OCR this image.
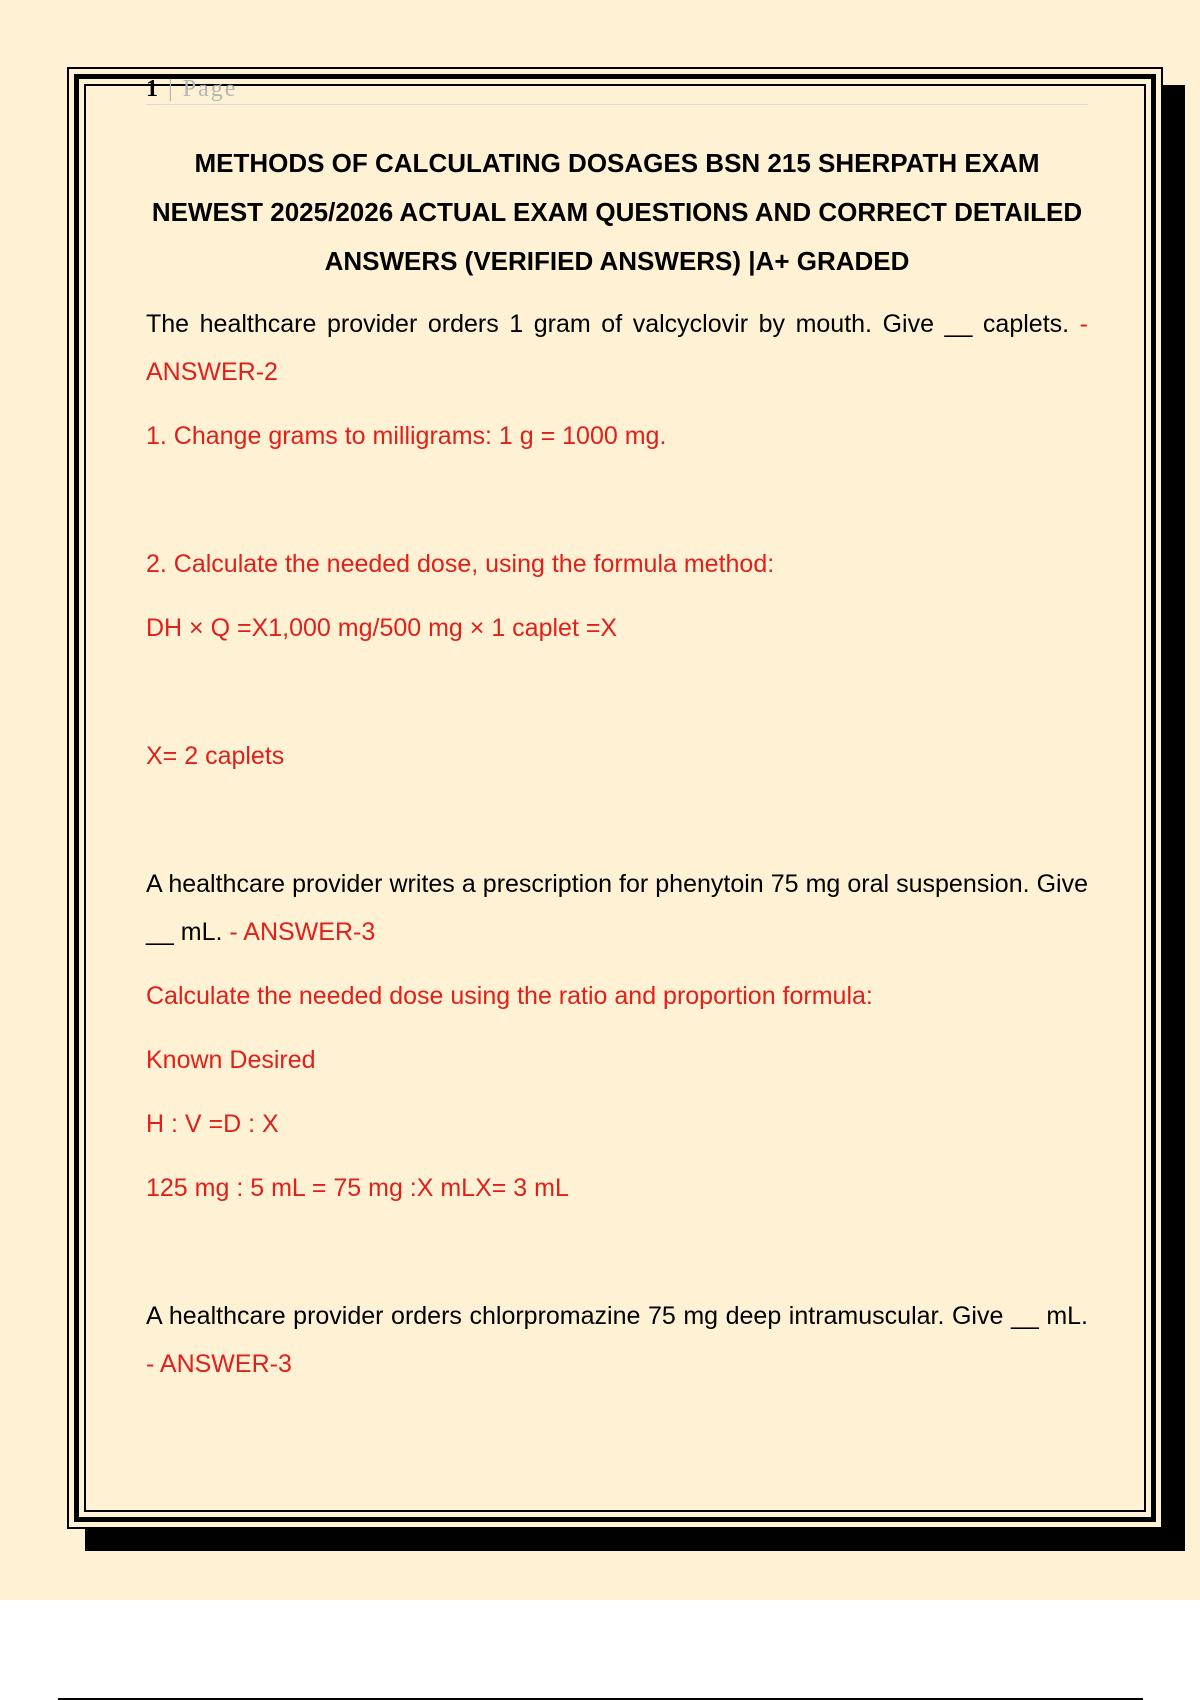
1 | Page
METHODS OF CALCULATING DOSAGES BSN 215 SHERPATH EXAM NEWEST 2025/2026 ACTUAL EXAM QUESTIONS AND CORRECT DETAILED ANSWERS (VERIFIED ANSWERS) |A+ GRADED

The healthcare provider orders 1 gram of valcyclovir by mouth. Give __ caplets. - ANSWER-2

1. Change grams to milligrams: 1 g = 1000 mg.

2. Calculate the needed dose, using the formula method:

DH × Q =X1,000 mg/500 mg × 1 caplet =X

X= 2 caplets

A healthcare provider writes a prescription for phenytoin 75 mg oral suspension. Give __ mL. - ANSWER-3

Calculate the needed dose using the ratio and proportion formula:

Known Desired

H : V =D : X

125 mg : 5 mL = 75 mg :X mLX= 3 mL

A healthcare provider orders chlorpromazine 75 mg deep intramuscular. Give __ mL. - ANSWER-3
